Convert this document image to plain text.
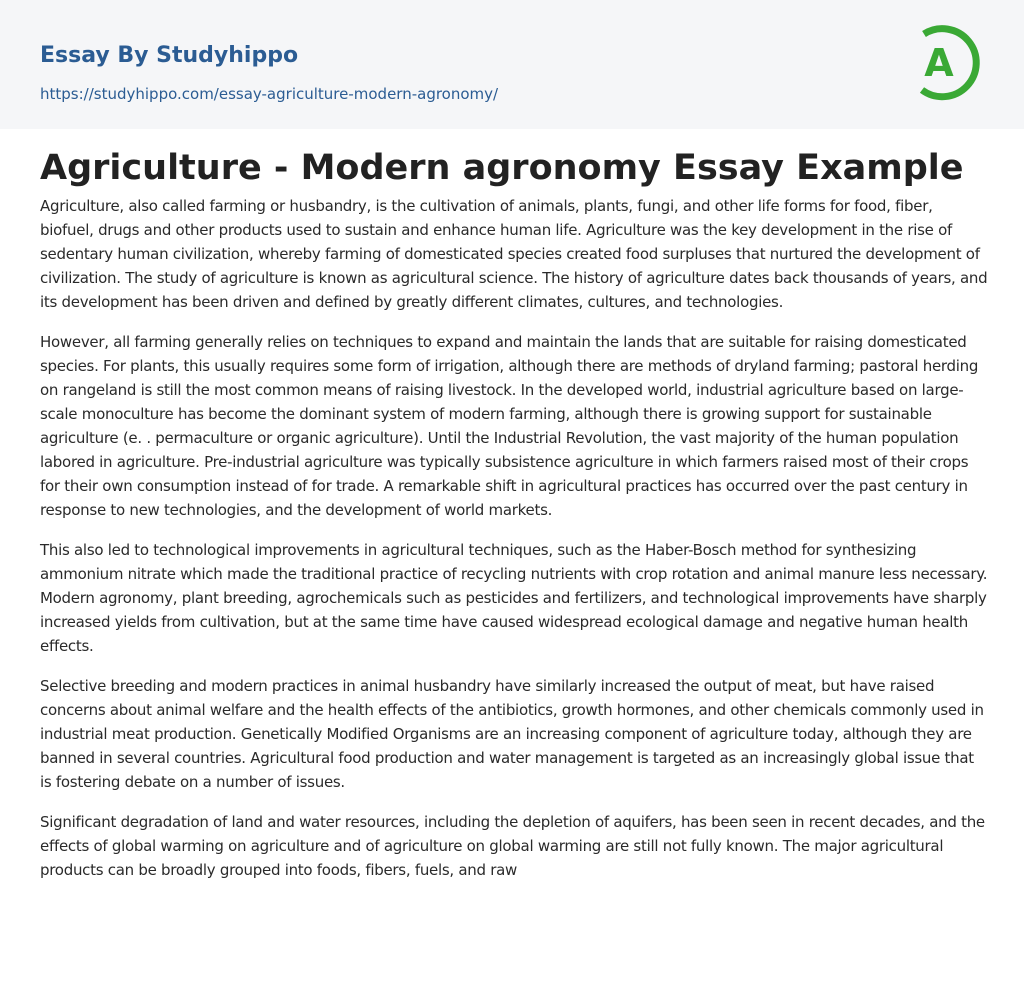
Essay By Studyhippo
https://studyhippo.com/essay-agriculture-modern-agronomy/
A
Agriculture - Modern agronomy Essay Example

Agriculture, also called farming or husbandry, is the cultivation of animals, plants, fungi, and other life forms for food, fiber, biofuel, drugs and other products used to sustain and enhance human life. Agriculture was the key development in the rise of sedentary human civilization, whereby farming of domesticated species created food surpluses that nurtured the development of civilization. The study of agriculture is known as agricultural science. The history of agriculture dates back thousands of years, and its development has been driven and defined by greatly different climates, cultures, and technologies.

However, all farming generally relies on techniques to expand and maintain the lands that are suitable for raising domesticated species. For plants, this usually requires some form of irrigation, although there are methods of dryland farming; pastoral herding on rangeland is still the most common means of raising livestock. In the developed world, industrial agriculture based on large-scale monoculture has become the dominant system of modern farming, although there is growing support for sustainable agriculture (e. . permaculture or organic agriculture). Until the Industrial Revolution, the vast majority of the human population labored in agriculture. Pre-industrial agriculture was typically subsistence agriculture in which farmers raised most of their crops for their own consumption instead of for trade. A remarkable shift in agricultural practices has occurred over the past century in response to new technologies, and the development of world markets.

This also led to technological improvements in agricultural techniques, such as the Haber-Bosch method for synthesizing ammonium nitrate which made the traditional practice of recycling nutrients with crop rotation and animal manure less necessary. Modern agronomy, plant breeding, agrochemicals such as pesticides and fertilizers, and technological improvements have sharply increased yields from cultivation, but at the same time have caused widespread ecological damage and negative human health effects.

Selective breeding and modern practices in animal husbandry have similarly increased the output of meat, but have raised concerns about animal welfare and the health effects of the antibiotics, growth hormones, and other chemicals commonly used in industrial meat production. Genetically Modified Organisms are an increasing component of agriculture today, although they are banned in several countries. Agricultural food production and water management is targeted as an increasingly global issue that is fostering debate on a number of issues.

Significant degradation of land and water resources, including the depletion of aquifers, has been seen in recent decades, and the effects of global warming on agriculture and of agriculture on global warming are still not fully known. The major agricultural products can be broadly grouped into foods, fibers, fuels, and raw
